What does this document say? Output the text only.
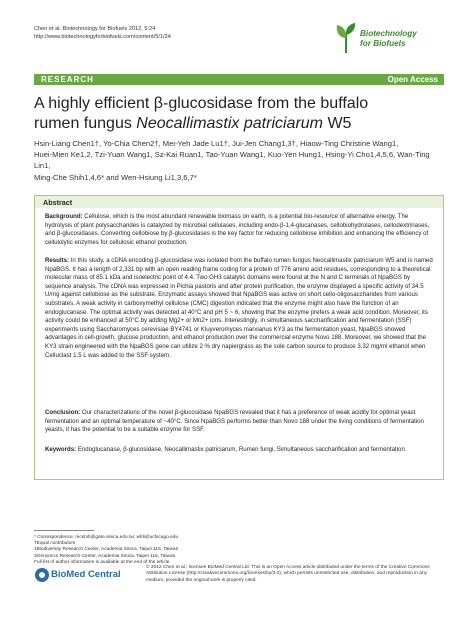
Chen et al. Biotechnology for Biofuels 2012, 5:24
http://www.biotechnologyforbiofuels.com/content/5/1/24	Biotechnology
for Biofuels
RESEARCH	Open Access
A highly efficient β-glucosidase from the buffalo
rumen fungus Neocallimastix patriciarum W5
Hsin-Liang Chen1†, Yo-Chia Chen2†, Mei-Yeh Jade Lu1†, Jui-Jen Chang1,3†, Hiaow-Ting Christine Wang1,
Huei-Mien Ke1,2, Tzi-Yuan Wang1, Sz-Kai Ruan1, Tao-Yuan Wang1, Kuo-Yen Hung1, Hsing-Yi Cho1,4,5,6, Wan-Ting Lin1,
Ming-Che Shih1,4,6* and Wen-Hsiung Li1,3,6,7*
Abstract

Background: Cellulose, which is the most abundant renewable biomass on earth, is a potential bio-resource of alternative energy. The hydrolysis of plant polysaccharides is catalyzed by microbial cellulases, including endo-β-1,4-glucanases, cellobiohydrolases, cellodextrinases, and β-glucosidases. Converting cellobiose by β-glucosidases is the key factor for reducing cellobiose inhibition and enhancing the efficiency of cellulolytic enzymes for cellulosic ethanol production.

Results: In this study, a cDNA encoding β-glucosidase was isolated from the buffalo rumen fungus Neocallimastix patriciarum W5 and is named NpaBGS. It has a length of 2,331 bp with an open reading frame coding for a protein of 776 amino acid residues, corresponding to a theoretical molecular mass of 85.1 kDa and isoelectric point of 4.4. Two GH3 catalytic domains were found at the N and C terminals of NpaBGS by sequence analysis. The cDNA was expressed in Pichia pastoris and after protein purification, the enzyme displayed a specific activity of 34.5 U/mg against cellobiose as the substrate. Enzymatic assays showed that NpaBGS was active on short cello-oligosaccharides from various substrates. A weak activity in carboxymethyl cellulose (CMC) digestion indicated that the enzyme might also have the function of an endoglucanase. The optimal activity was detected at 40°C and pH 5 ~ 6, showing that the enzyme prefers a weak acid condition. Moreover, its activity could be enhanced at 50°C by adding Mg2+ or Mn2+ ions. Interestingly, in simultaneous saccharification and fermentation (SSF) experiments using Saccharomyces cerevisiae BY4741 or Kluyveromyces marxianus KY3 as the fermentation yeast, NpaBGS showed advantages in cell-growth, glucose production, and ethanol production over the commercial enzyme Novo 188. Moreover, we showed that the KY3 strain engineered with the NpaBGS gene can utilize 2 % dry napiergrass as the sole carbon source to produce 3.32 mg/ml ethanol when Celluclast 1.5 L was added to the SSF system.

Conclusion: Our characterizations of the novel β-glucosidase NpaBGS revealed that it has a preference of weak acidity for optimal yeast fermentation and an optimal temperature of ~40°C. Since NpaBGS performs better than Novo 188 under the living conditions of fermentation yeasts, it has the potential to be a suitable enzyme for SSF.

Keywords: Endoglucanase, β-glucosidase, Neocallimastix patriciarum, Rumen fungi, Simultaneous saccharification and fermentation

* Correspondence: mcshih@gate.sinica.edu.tw; whli@uchicago.edu
†Equal contributors
1Biodiversity Research Center, Academia Sinica, Taipei 115, Taiwan
3Genomics Research Center, Academia Sinica, Taipei 115, Taiwan
Full list of author information is available at the end of the article
BioMed Central
© 2012 Chen et al.; licensee BioMed Central Ltd. This is an Open Access article distributed under the terms of the Creative Commons Attribution License (http://creativecommons.org/licenses/by/2.0), which permits unrestricted use, distribution, and reproduction in any medium, provided the original work is properly cited.
